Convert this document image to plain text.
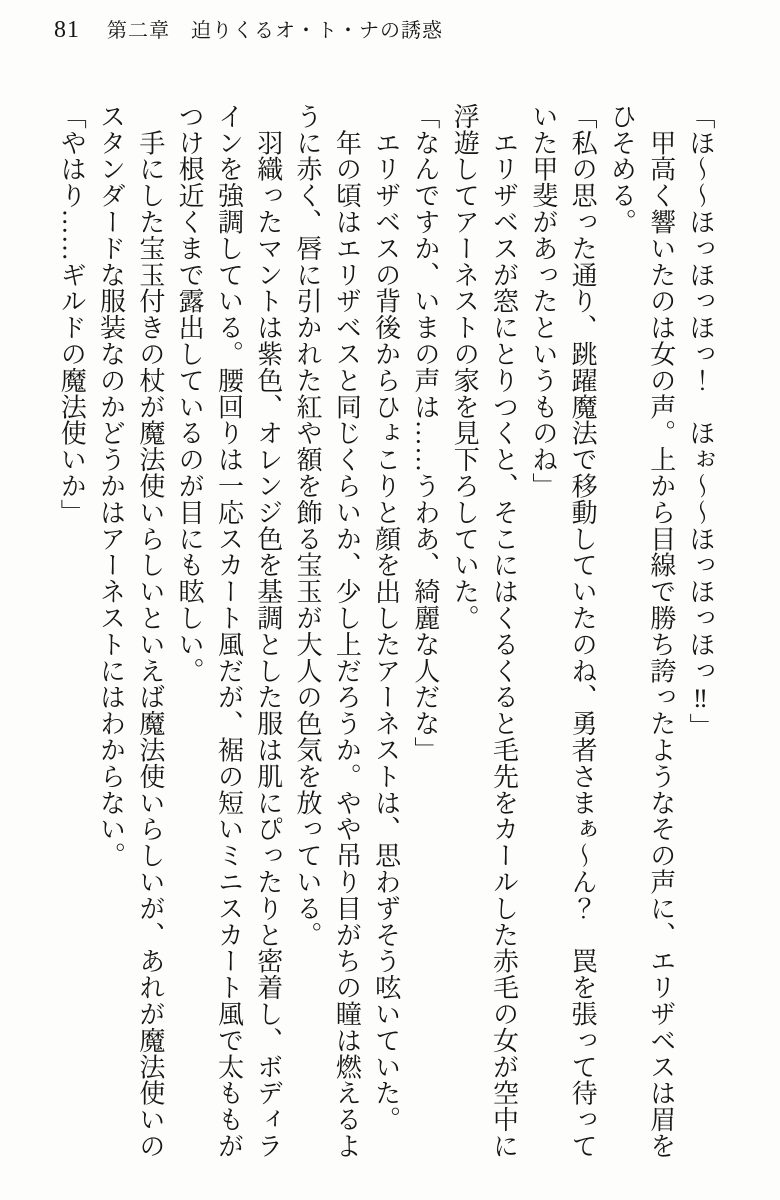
81 第二章　迫りくるオ・ト・ナの誘惑
「ほ〜〜ほっほっほっ！　ほぉ〜〜ほっほっほっ‼」
　甲高く響いたのは女の声。上から目線で勝ち誇ったようなその声に、エリザベスは眉を
ひそめる。
「私の思った通り、跳躍魔法で移動していたのね、勇者さまぁ〜ん？　罠を張って待って
いた甲斐があったというものね」
　エリザベスが窓にとりつくと、そこにはくるくると毛先をカールした赤毛の女が空中に
浮遊してアーネストの家を見下ろしていた。
「なんですか、いまの声は……うわあ、綺麗な人だな」
　エリザベスの背後からひょこりと顔を出したアーネストは、思わずそう呟いていた。
　年の頃はエリザベスと同じくらいか、少し上だろうか。やや吊り目がちの瞳は燃えるよ
うに赤く、唇に引かれた紅や額を飾る宝玉が大人の色気を放っている。
　羽織ったマントは紫色、オレンジ色を基調とした服は肌にぴったりと密着し、ボディラ
インを強調している。腰回りは一応スカート風だが、裾の短いミニスカート風で太ももが
つけ根近くまで露出しているのが目にも眩しい。
　手にした宝玉付きの杖が魔法使いらしいといえば魔法使いらしいが、あれが魔法使いの
スタンダードな服装なのかどうかはアーネストにはわからない。
「やはり……ギルドの魔法使いか」
